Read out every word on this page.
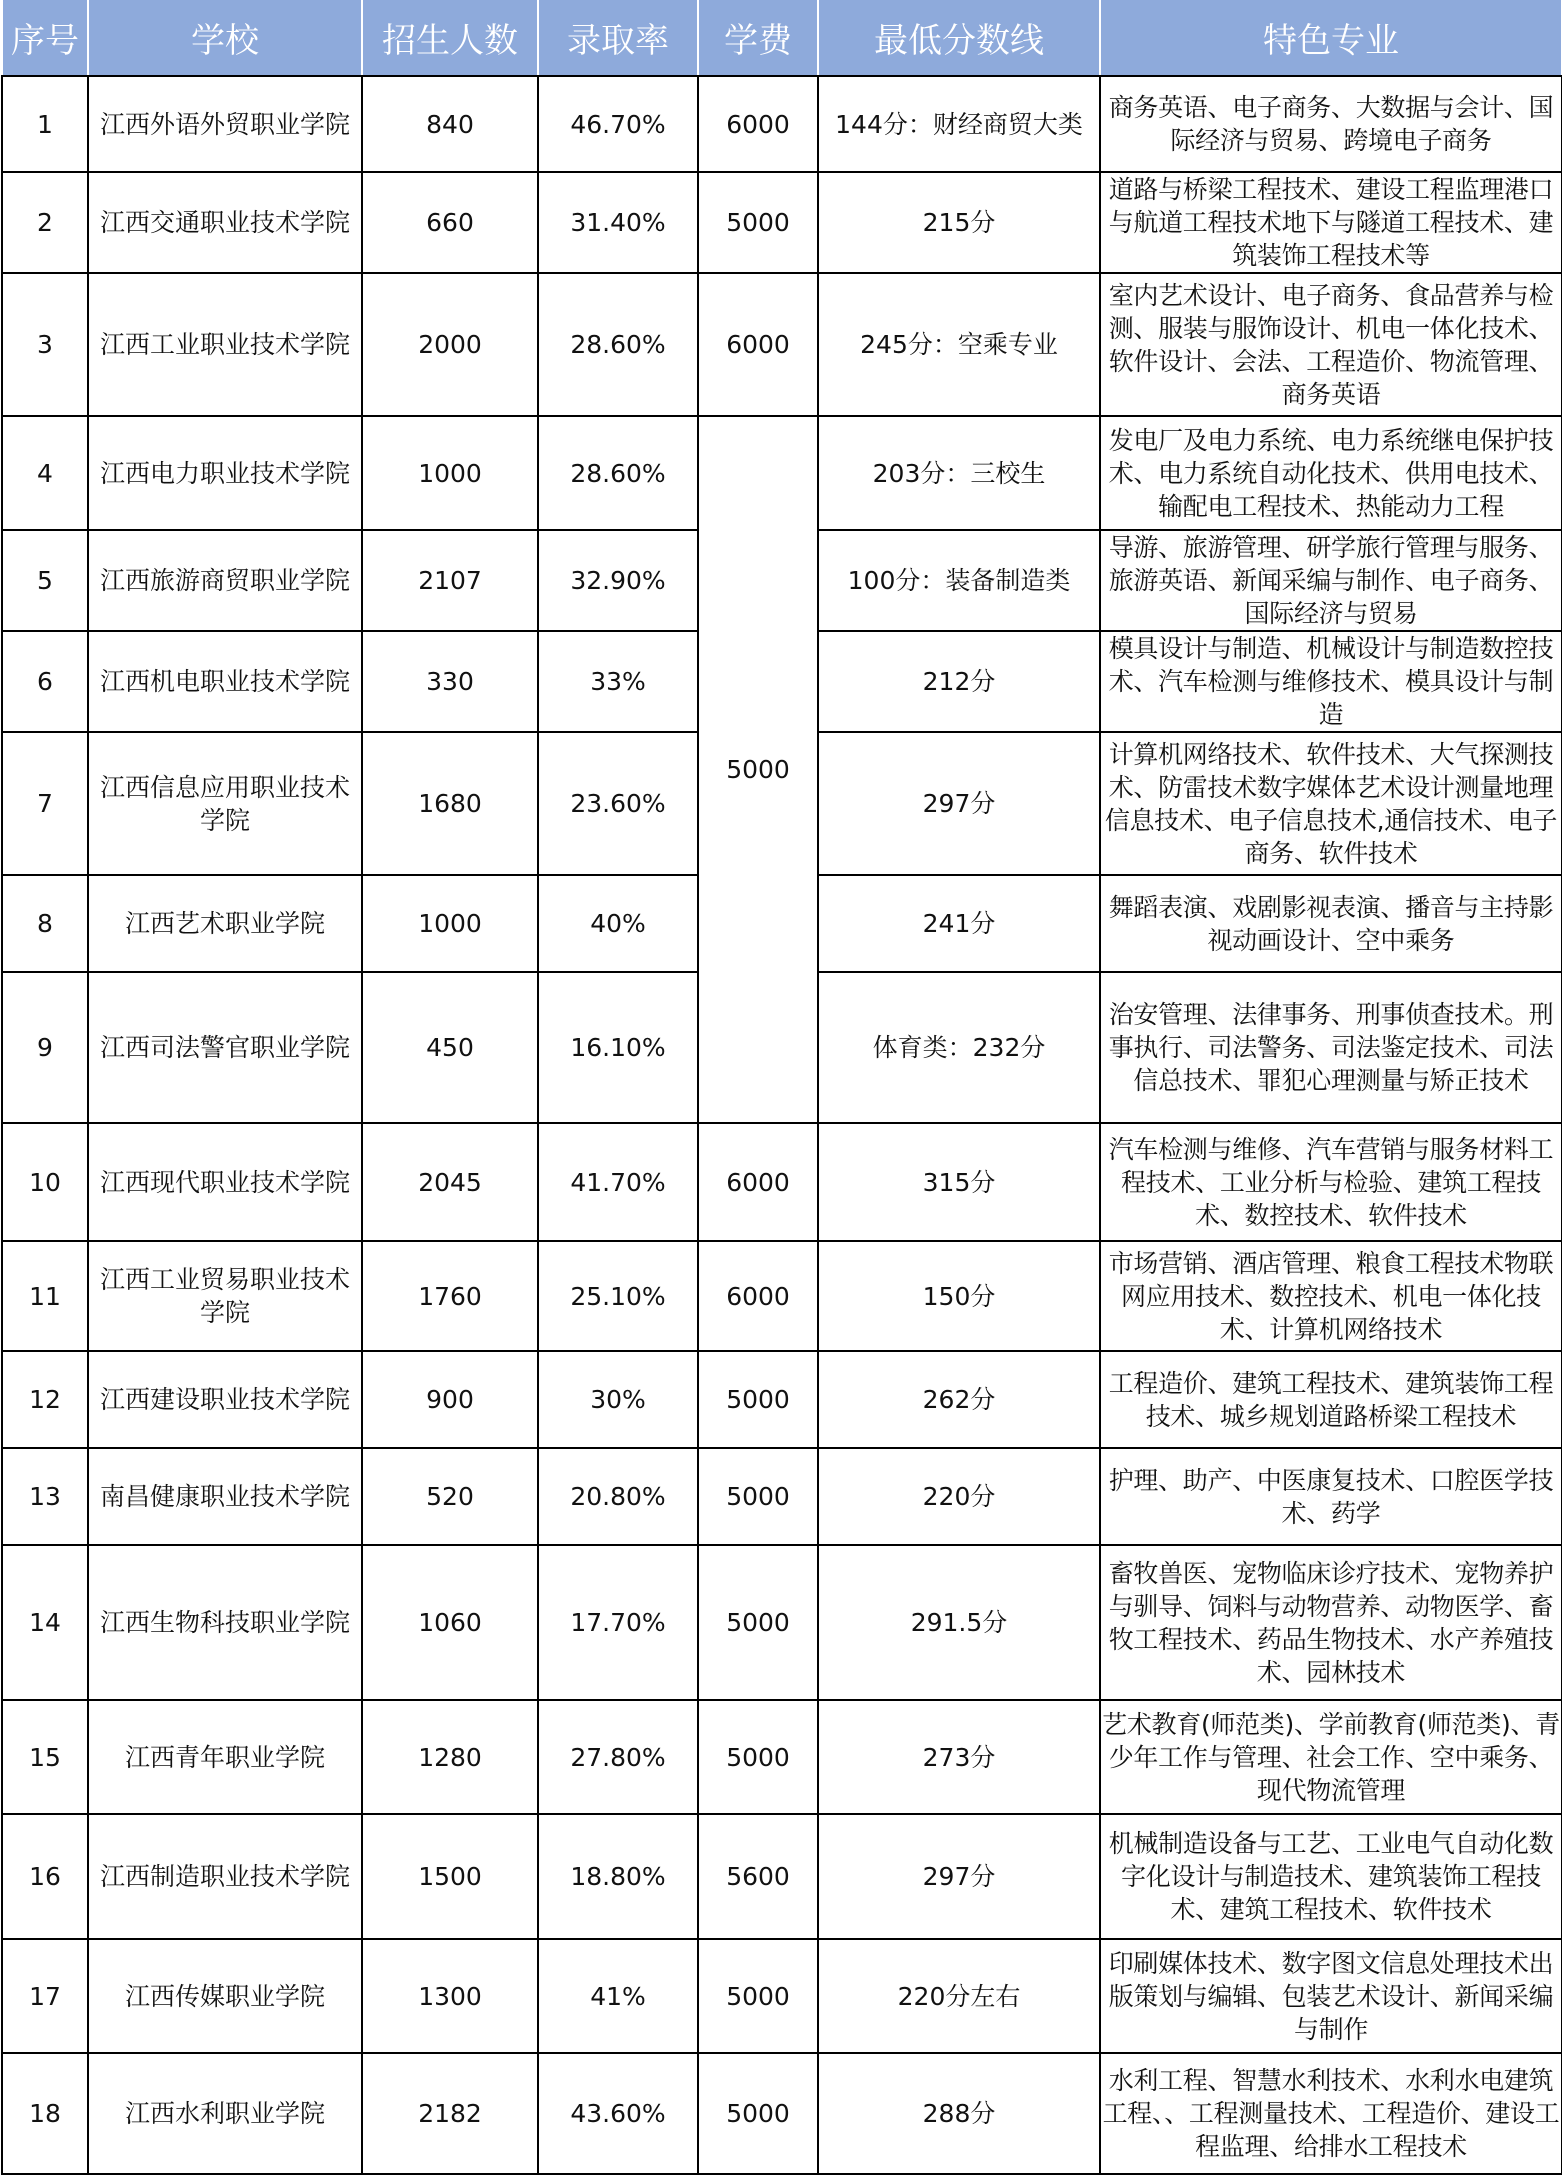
序号	学校	招生人数	录取率	学费	最低分数线	特色专业
1	江西外语外贸职业学院	840	46.70%	6000	144分：财经商贸大类	商务英语、电子商务、大数据与会计、国际经济与贸易、跨境电子商务
2	江西交通职业技术学院	660	31.40%	5000	215分	道路与桥梁工程技术、建设工程监理港口与航道工程技术地下与隧道工程技术、建筑装饰工程技术等
3	江西工业职业技术学院	2000	28.60%	6000	245分：空乘专业	室内艺术设计、电子商务、食品营养与检测、服装与服饰设计、机电一体化技术、软件设计、会法、工程造价、物流管理、商务英语
4	江西电力职业技术学院	1000	28.60%	5000	203分：三校生	发电厂及电力系统、电力系统继电保护技术、电力系统自动化技术、供用电技术、输配电工程技术、热能动力工程
5	江西旅游商贸职业学院	2107	32.90%		100分：装备制造类	导游、旅游管理、研学旅行管理与服务、旅游英语、新闻采编与制作、电子商务、国际经济与贸易
6	江西机电职业技术学院	330	33%		212分	模具设计与制造、机械设计与制造数控技术、汽车检测与维修技术、模具设计与制造
7	江西信息应用职业技术学院	1680	23.60%		297分	计算机网络技术、软件技术、大气探测技术、防雷技术数字媒体艺术设计测量地理信息技术、电子信息技术,通信技术、电子商务、软件技术
8	江西艺术职业学院	1000	40%		241分	舞蹈表演、戏剧影视表演、播音与主持影视动画设计、空中乘务
9	江西司法警官职业学院	450	16.10%		体育类：232分	治安管理、法律事务、刑事侦查技术。刑事执行、司法警务、司法鉴定技术、司法信总技术、罪犯心理测量与矫正技术
10	江西现代职业技术学院	2045	41.70%	6000	315分	汽车检测与维修、汽车营销与服务材料工程技术、工业分析与检验、建筑工程技术、数控技术、软件技术
11	江西工业贸易职业技术学院	1760	25.10%	6000	150分	市场营销、酒店管理、粮食工程技术物联网应用技术、数控技术、机电一体化技术、计算机网络技术
12	江西建设职业技术学院	900	30%	5000	262分	工程造价、建筑工程技术、建筑装饰工程技术、城乡规划道路桥梁工程技术
13	南昌健康职业技术学院	520	20.80%	5000	220分	护理、助产、中医康复技术、口腔医学技术、药学
14	江西生物科技职业学院	1060	17.70%	5000	291.5分	畜牧兽医、宠物临床诊疗技术、宠物养护与驯导、饲料与动物营养、动物医学、畜牧工程技术、药品生物技术、水产养殖技术、园林技术
15	江西青年职业学院	1280	27.80%	5000	273分	艺术教育(师范类)、学前教育(师范类)、青少年工作与管理、社会工作、空中乘务、现代物流管理
16	江西制造职业技术学院	1500	18.80%	5600	297分	机械制造设备与工艺、工业电气自动化数字化设计与制造技术、建筑装饰工程技术、建筑工程技术、软件技术
17	江西传媒职业学院	1300	41%	5000	220分左右	印刷媒体技术、数字图文信息处理技术出版策划与编辑、包装艺术设计、新闻采编与制作
18	江西水利职业学院	2182	43.60%	5000	288分	水利工程、智慧水利技术、水利水电建筑工程、、工程测量技术、工程造价、建设工程监理、给排水工程技术
